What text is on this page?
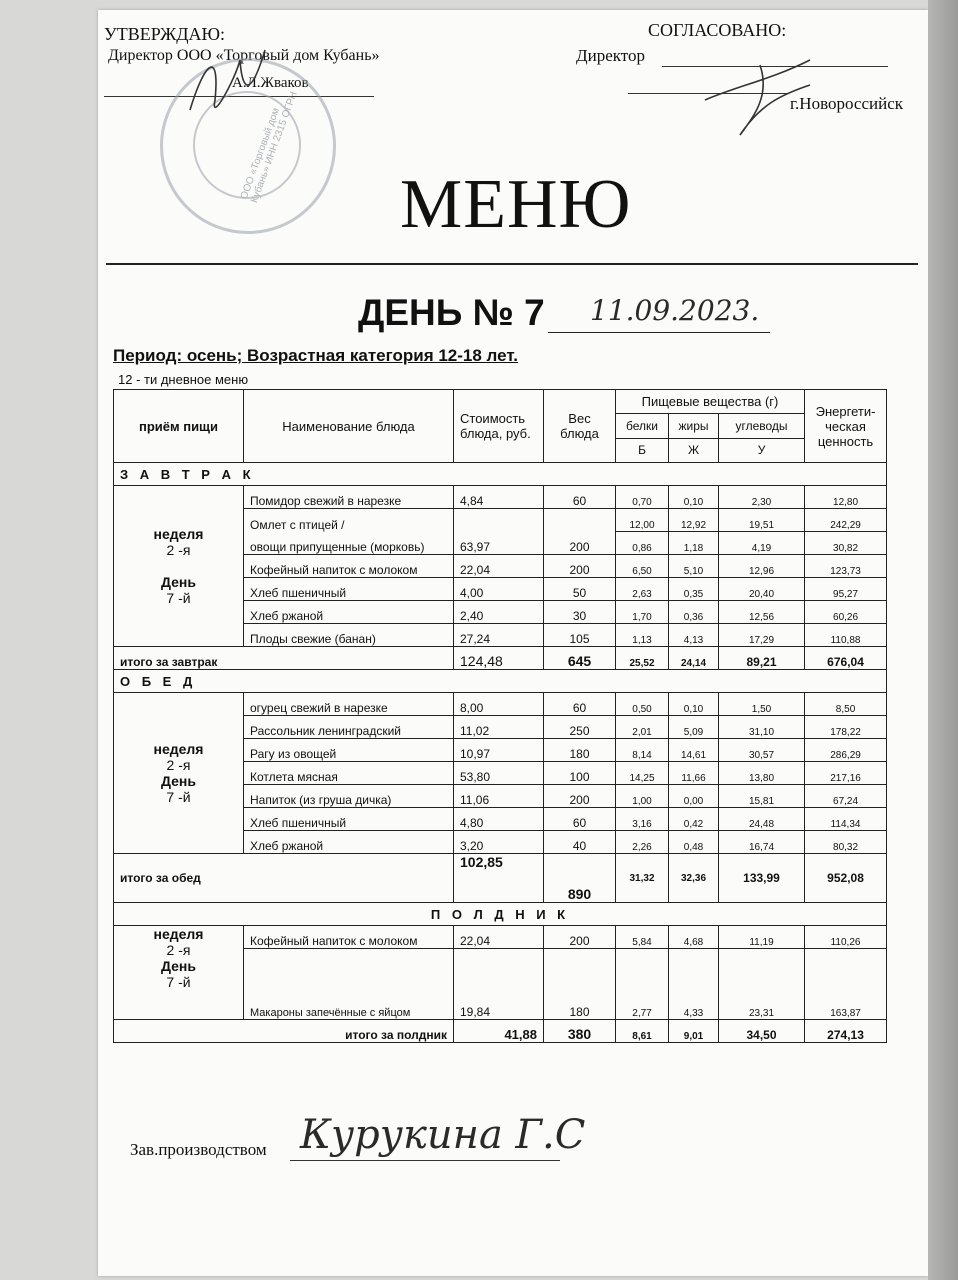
УТВЕРЖДАЮ:
Директор ООО «Торговый дом Кубань»
А.Л.Жваков
СОГЛАСОВАНО:
Директор
г.Новороссийск
ООО «Торговый дом Кубань» ИНН 2315 ОГРН
МЕНЮ
ДЕНЬ № 7 11.09.2023.
Период: осень; Возрастная категория 12-18 лет.
12 - ти дневное меню
приём пищи	Наименование блюда	Стоимость блюда, руб.	Вес блюда	Пищевые вещества (г)			Энергети-ческая ценность
				белки	жиры	углеводы	
				Б	Ж	У	
З А В Т Р А К							

неделя
2 -я

День
7 -й	Помидор свежий в нарезке	4,84	60	0,70	0,10	2,30	12,80
	Омлет с птицей /			12,00	12,92	19,51	242,29
	овощи припущенные (морковь)	63,97	200	0,86	1,18	4,19	30,82
	Кофейный напиток с молоком	22,04	200	6,50	5,10	12,96	123,73
	Хлеб пшеничный	4,00	50	2,63	0,35	20,40	95,27
	Хлеб ржаной	2,40	30	1,70	0,36	12,56	60,26
	Плоды свежие (банан)	27,24	105	1,13	4,13	17,29	110,88
итого за завтрак		124,48	645	25,52	24,14	89,21	676,04
О Б Е Д							

неделя
2 -я
День
7 -й	огурец свежий в нарезке	8,00	60	0,50	0,10	1,50	8,50
	Рассольник ленинградский	11,02	250	2,01	5,09	31,10	178,22
	Рагу из овощей	10,97	180	8,14	14,61	30,57	286,29
	Котлета мясная	53,80	100	14,25	11,66	13,80	217,16
	Напиток (из груша дичка)	11,06	200	1,00	0,00	15,81	67,24
	Хлеб пшеничный	4,80	60	3,16	0,42	24,48	114,34
	Хлеб ржаной	3,20	40	2,26	0,48	16,74	80,32
итого за обед		102,85	890	31,32	32,36	133,99	952,08
П О Л Д Н И К							

неделя
2 -я
День
7 -й	Кофейный напиток с молоком	22,04	200	5,84	4,68	11,19	110,26
	Макароны запечённые с яйцом	19,84	180	2,77	4,33	23,31	163,87
итого за полдник		41,88	380	8,61	9,01	34,50	274,13
Зав.производством Курукина Г.С
